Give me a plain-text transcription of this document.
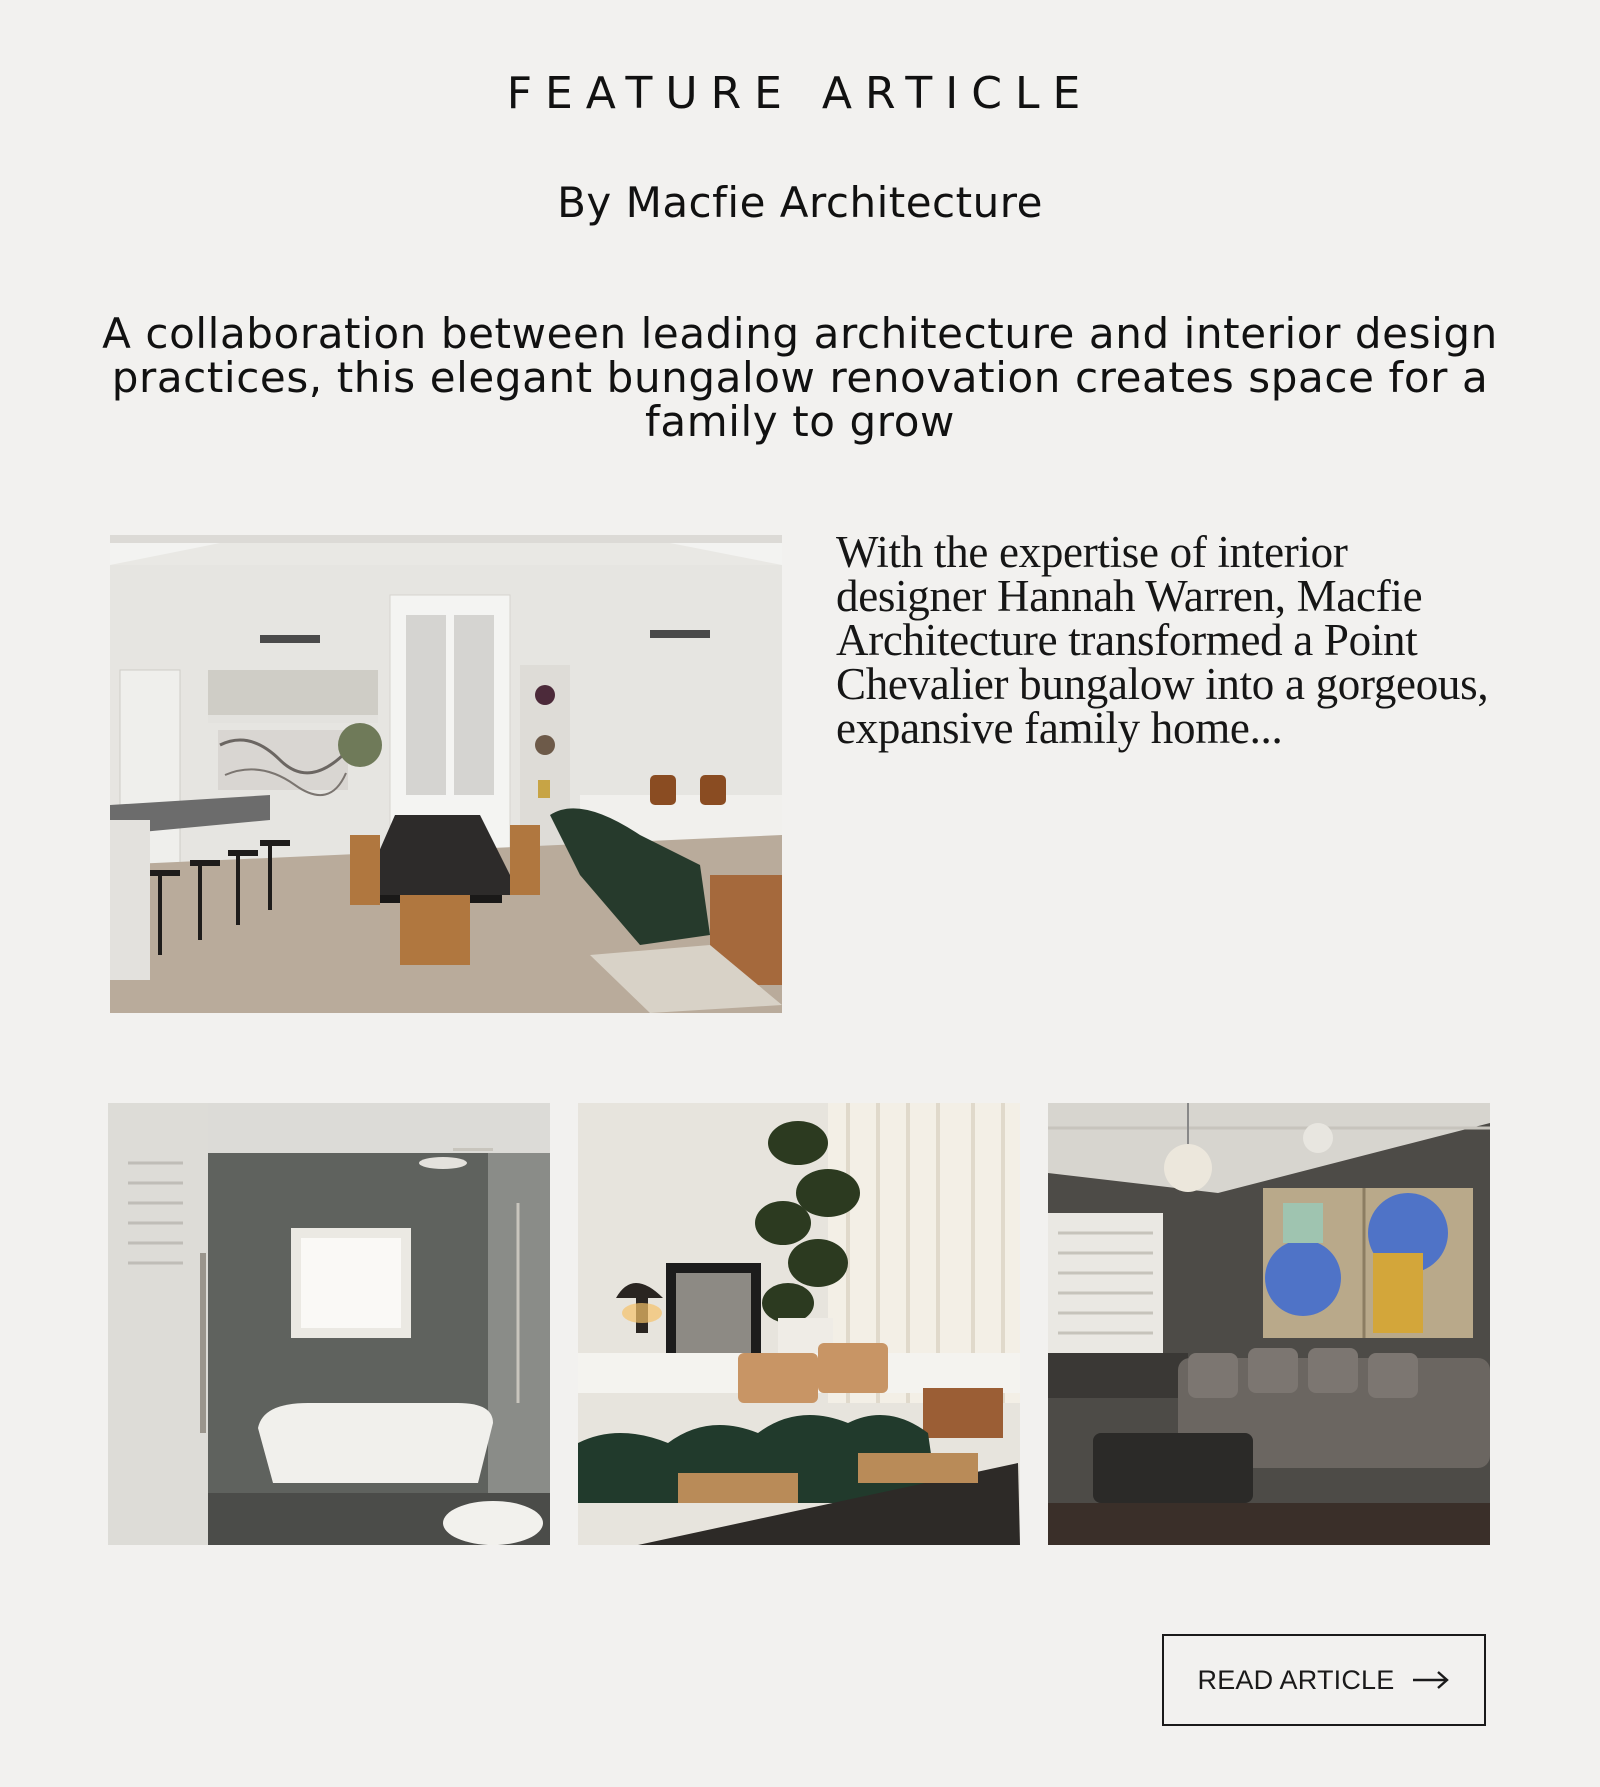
FEATURE ARTICLE
By Macfie Architecture
A collaboration between leading architecture and interior design practices, this elegant bungalow renovation creates space for a family to grow
With the expertise of interior designer Hannah Warren, Macfie Architecture transformed a Point Chevalier bungalow into a gorgeous, expansive family home...
READ ARTICLE
